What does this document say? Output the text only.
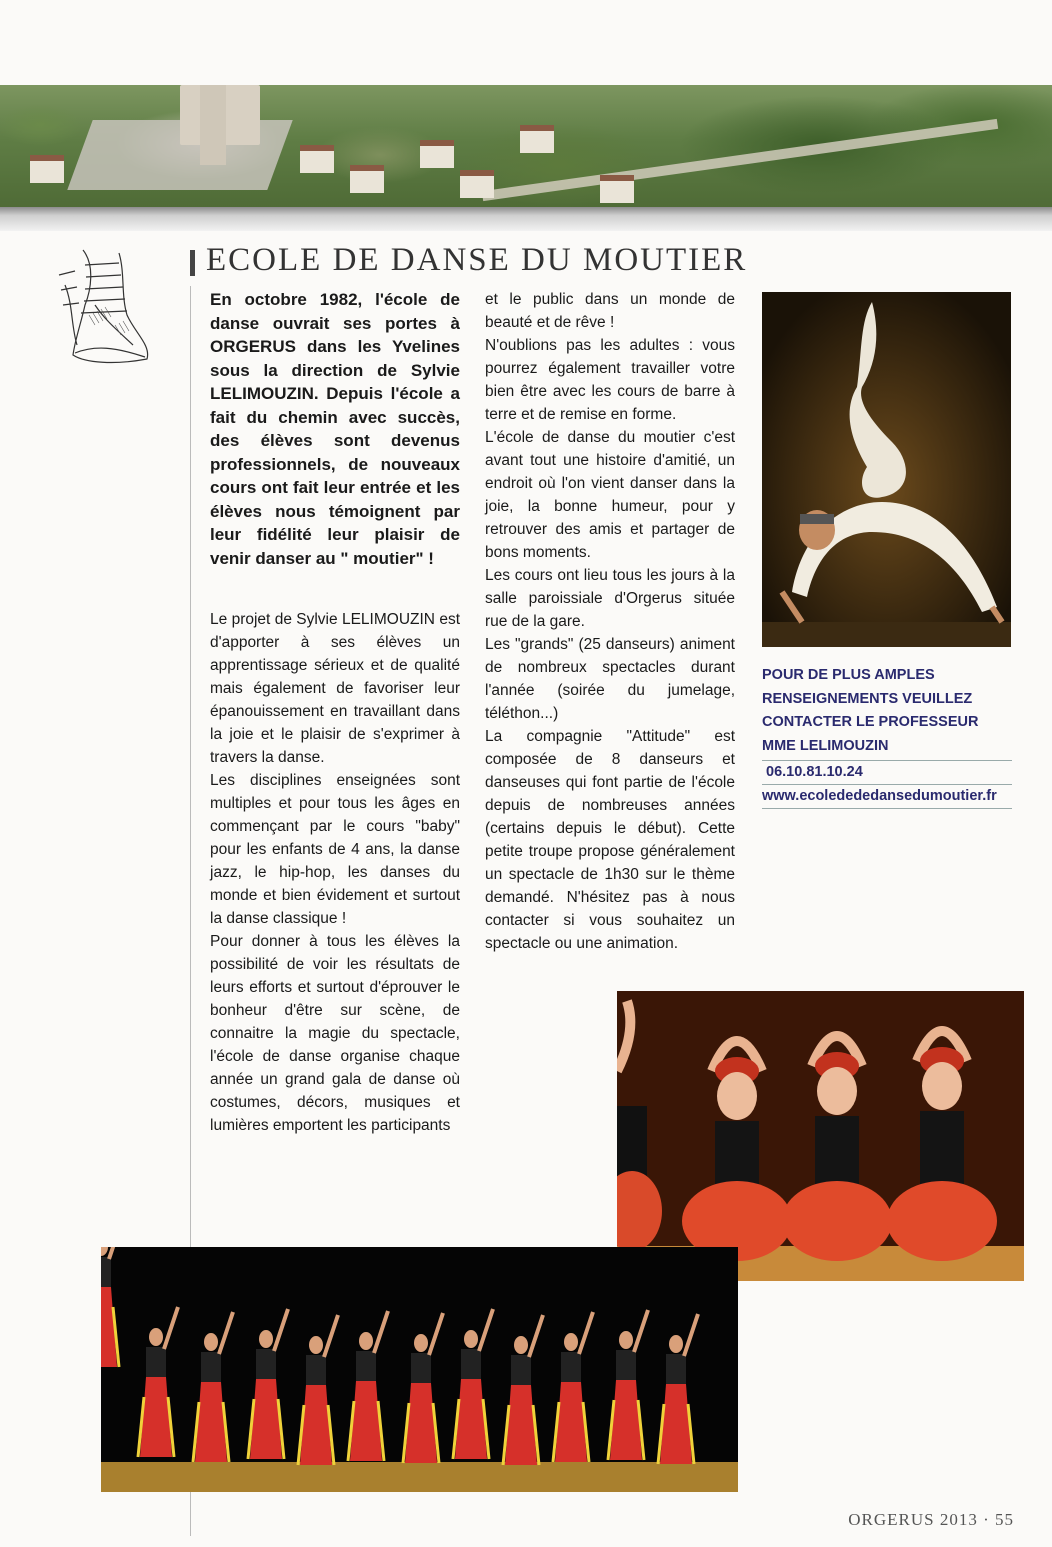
ECOLE DE DANSE DU MOUTIER

En octobre 1982, l'école de danse ouvrait ses portes à ORGERUS dans les Yvelines sous la direction de Sylvie LELIMOUZIN. Depuis l'école a fait du chemin avec succès, des élèves sont devenus professionnels, de nouveaux cours ont fait leur entrée et les élèves nous témoignent par leur fidélité leur plaisir de venir danser au " moutier" !

Le projet de Sylvie LELIMOUZIN est d'apporter à ses élèves un apprentissage sérieux et de qualité mais également de favoriser leur épanouissement en travaillant dans la joie et le plaisir de s'exprimer à travers la danse.

Les disciplines enseignées sont multiples et pour tous les âges en commençant par le cours "baby" pour les enfants de 4 ans, la danse jazz, le hip-hop, les danses du monde et bien évidement et surtout la danse classique !

Pour donner à tous les élèves la possibilité de voir les résultats de leurs efforts et surtout d'éprouver le bonheur d'être sur scène, de connaitre la magie du spectacle, l'école de danse organise chaque année un grand gala de danse où costumes, décors, musiques et lumières emportent les participants

et le public dans un monde de beauté et de rêve !

N'oublions pas les adultes : vous pourrez également travailler votre bien être avec les cours de barre à terre et de remise en forme.

L'école de danse du moutier c'est avant tout une histoire d'amitié, un endroit où l'on vient danser dans la joie, la bonne humeur, pour y retrouver des amis et partager de bons moments.

Les cours ont lieu tous les jours à la salle paroissiale d'Orgerus située rue de la gare.

Les "grands" (25 danseurs) animent de nombreux spectacles durant l'année (soirée du jumelage, téléthon...)

La compagnie "Attitude" est composée de 8 danseurs et danseuses qui font partie de l'école depuis de nombreuses années (certains depuis le début). Cette petite troupe propose généralement un spectacle de 1h30 sur le thème demandé. N'hésitez pas à nous contacter si vous souhaitez un spectacle ou une animation.

POUR DE PLUS AMPLES RENSEIGNEMENTS VEUILLEZ CONTACTER LE PROFESSEUR MME LELIMOUZIN
06.10.81.10.24
www.ecoledededansedumoutier.fr
ORGERUS 2013 · 55
